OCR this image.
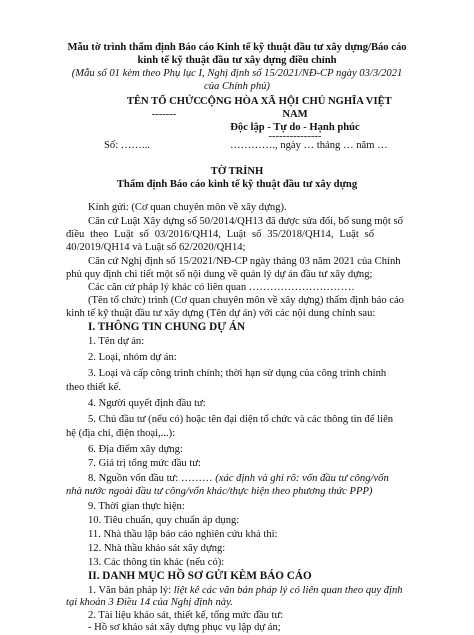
Mẫu tờ trình thẩm định Báo cáo Kinh tế kỹ thuật đầu tư xây dựng/Báo cáo
kinh tế kỹ thuật đầu tư xây dựng điều chỉnh
(Mẫu số 01 kèm theo Phụ lục I, Nghị định số 15/2021/NĐ-CP ngày 03/3/2021
của Chính phủ)
TÊN TỔ CHỨC
-------
Số: ……...
CỘNG HÒA XÃ HỘI CHỦ NGHĨA VIỆT
NAM
Độc lập - Tự do - Hạnh phúc
---------------
…………., ngày … tháng … năm …
TỜ TRÌNH
Thẩm định Báo cáo kinh tế kỹ thuật đầu tư xây dựng
Kính gửi: (Cơ quan chuyên môn về xây dựng).
Căn cứ Luật Xây dựng số 50/2014/QH13 đã được sửa đổi, bổ sung một số
điều theo Luật số 03/2016/QH14, Luật số 35/2018/QH14, Luật số
40/2019/QH14 và Luật số 62/2020/QH14;
Căn cứ Nghị định số 15/2021/NĐ-CP ngày tháng 03 năm 2021 của Chính
phủ quy định chi tiết một số nội dung về quản lý dự án đầu tư xây dựng;
Các căn cứ pháp lý khác có liên quan …………………………
(Tên tổ chức) trình (Cơ quan chuyên môn về xây dựng) thẩm định báo cáo
kinh tế kỹ thuật đầu tư xây dựng (Tên dự án) với các nội dung chính sau:
I. THÔNG TIN CHUNG DỰ ÁN
1. Tên dự án:
2. Loại, nhóm dự án:
3. Loại và cấp công trình chính; thời hạn sử dụng của công trình chính
theo thiết kế.
4. Người quyết định đầu tư:
5. Chủ đầu tư (nếu có) hoặc tên đại diện tổ chức và các thông tin để liên
hệ (địa chỉ, điện thoại,...):
6. Địa điểm xây dựng:
7. Giá trị tổng mức đầu tư:
8. Nguồn vốn đầu tư: ……… (xác định và ghi rõ: vốn đầu tư công/vốn
nhà nước ngoài đầu tư công/vốn khác/thực hiện theo phương thức PPP)
9. Thời gian thực hiện:
10. Tiêu chuẩn, quy chuẩn áp dụng:
11. Nhà thầu lập báo cáo nghiên cứu khả thi:
12. Nhà thầu khảo sát xây dựng:
13. Các thông tin khác (nếu có):
II. DANH MỤC HỒ SƠ GỬI KÈM BÁO CÁO
1. Văn bản pháp lý: liệt kê các văn bản pháp lý có liên quan theo quy định
tại khoản 3 Điều 14 của Nghị định này.
2. Tài liệu khảo sát, thiết kế, tổng mức đầu tư:
- Hồ sơ khảo sát xây dựng phục vụ lập dự án;
